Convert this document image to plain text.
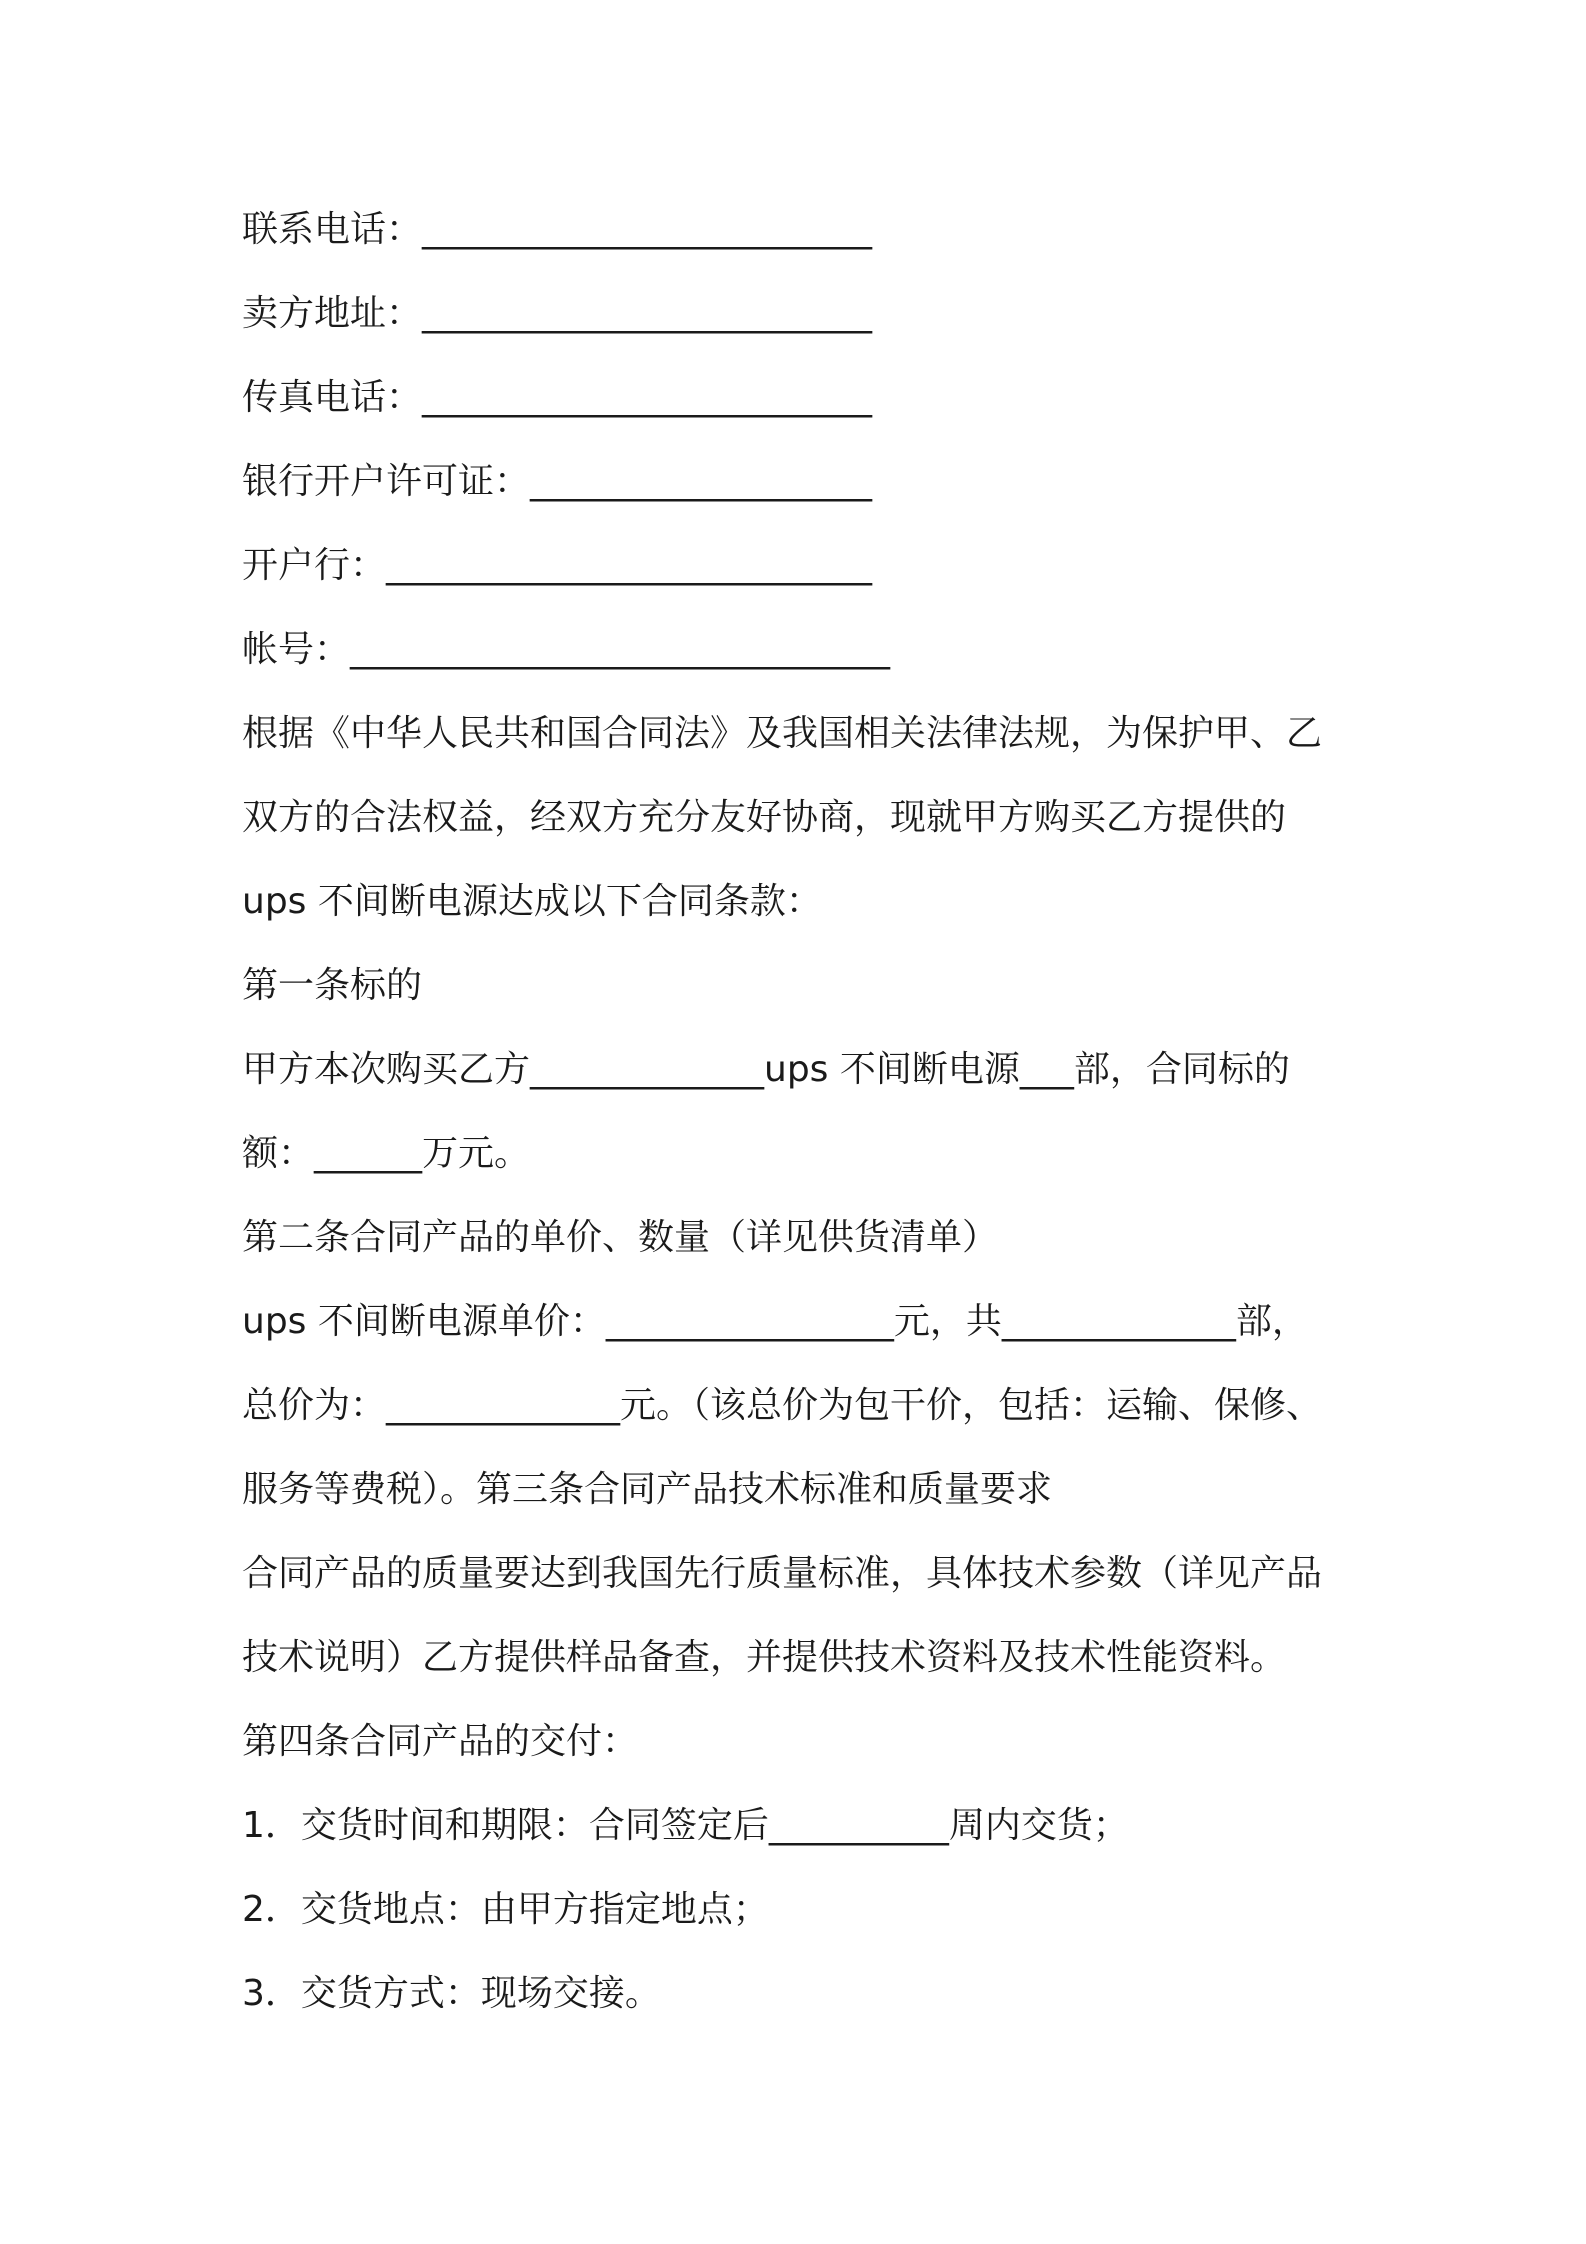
联系电话：_________________________

卖方地址：_________________________

传真电话：_________________________

银行开户许可证：___________________

开户行：___________________________

帐号：______________________________

根据《中华人民共和国合同法》及我国相关法律法规，为保护甲、乙

双方的合法权益，经双方充分友好协商，现就甲方购买乙方提供的

ups 不间断电源达成以下合同条款：

第一条标的

甲方本次购买乙方_____________ups 不间断电源___部，合同标的

额：______万元。

第二条合同产品的单价、数量（详见供货清单）

ups 不间断电源单价：________________元，共_____________部，

总价为：_____________元。（该总价为包干价，包括：运输、保修、

服务等费税）。第三条合同产品技术标准和质量要求

合同产品的质量要达到我国先行质量标准，具体技术参数（详见产品

技术说明）乙方提供样品备查，并提供技术资料及技术性能资料。

第四条合同产品的交付：

1．交货时间和期限：合同签定后__________周内交货；

2．交货地点：由甲方指定地点；

3．交货方式：现场交接。
